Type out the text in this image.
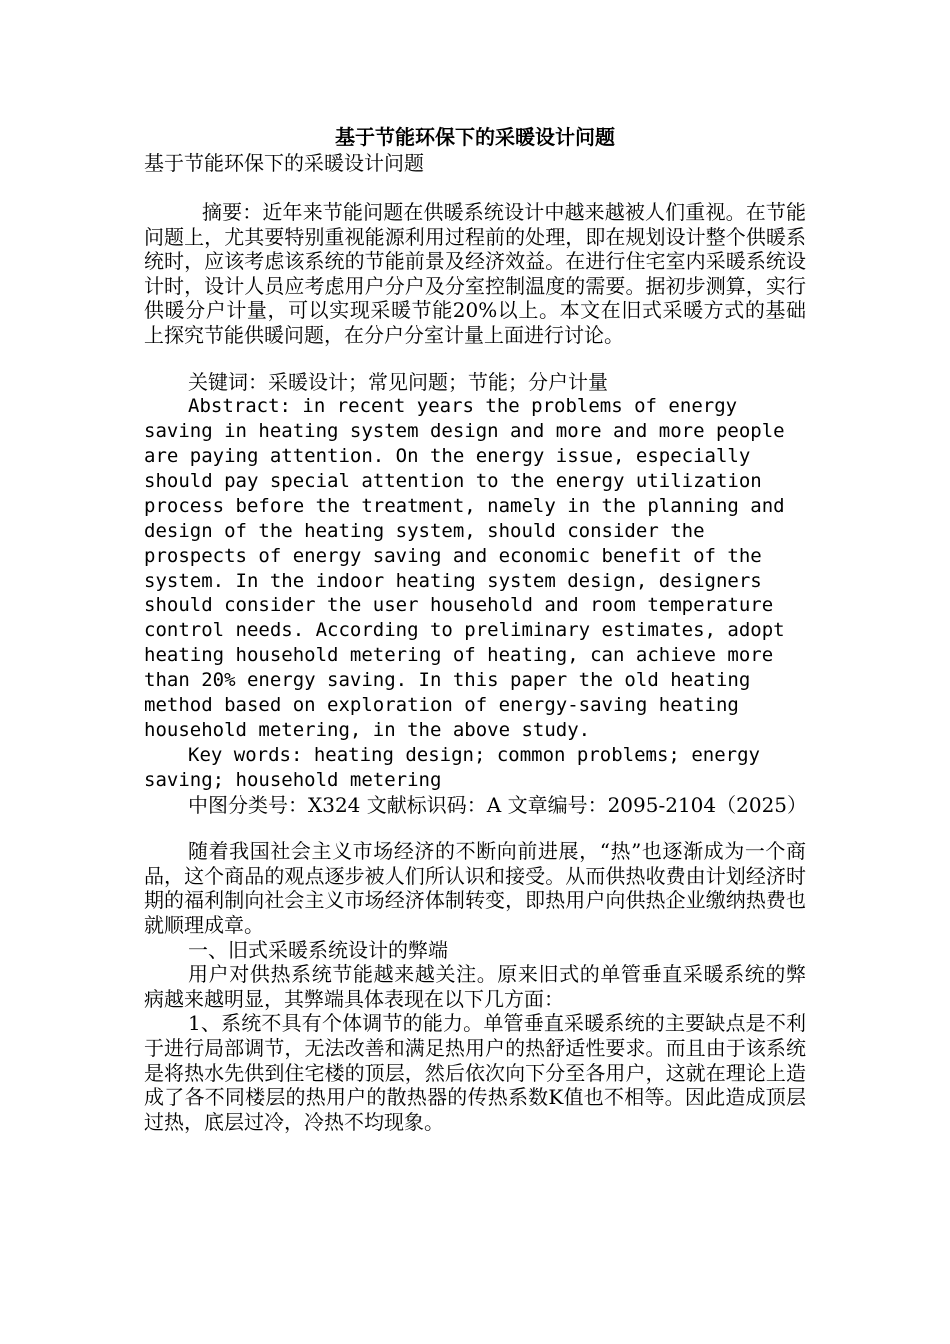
基于节能环保下的采暖设计问题
基于节能环保下的采暖设计问题

摘要：近年来节能问题在供暖系统设计中越来越被人们重视。在节能问题上，尤其要特别重视能源利用过程前的处理，即在规划设计整个供暖系统时，应该考虑该系统的节能前景及经济效益。在进行住宅室内采暖系统设计时，设计人员应考虑用户分户及分室控制温度的需要。据初步测算，实行供暖分户计量，可以实现采暖节能20%以上。本文在旧式采暖方式的基础上探究节能供暖问题，在分户分室计量上面进行讨论。

关键词：采暖设计；常见问题；节能；分户计量

Abstract: in recent years the problems of energy saving in heating system design and more and more people are paying attention. On the energy issue, especially should pay special attention to the energy utilization process before the treatment, namely in the planning and design of the heating system, should consider the prospects of energy saving and economic benefit of the system. In the indoor heating system design, designers should consider the user household and room temperature control needs. According to preliminary estimates, adopt heating household metering of heating, can achieve more than 20% energy saving. In this paper the old heating method based on exploration of energy-saving heating household metering, in the above study.

Key words: heating design; common problems; energy saving; household metering

中图分类号：X324 文献标识码：A 文章编号：2095-2104（2025）

随着我国社会主义市场经济的不断向前进展，“热”也逐渐成为一个商品，这个商品的观点逐步被人们所认识和接受。从而供热收费由计划经济时期的福利制向社会主义市场经济体制转变，即热用户向供热企业缴纳热费也就顺理成章。

一、旧式采暖系统设计的弊端

用户对供热系统节能越来越关注。原来旧式的单管垂直采暖系统的弊病越来越明显，其弊端具体表现在以下几方面：

1、系统不具有个体调节的能力。单管垂直采暖系统的主要缺点是不利于进行局部调节，无法改善和满足热用户的热舒适性要求。而且由于该系统是将热水先供到住宅楼的顶层，然后依次向下分至各用户，这就在理论上造成了各不同楼层的热用户的散热器的传热系数K值也不相等。因此造成顶层过热，底层过冷，冷热不均现象。
